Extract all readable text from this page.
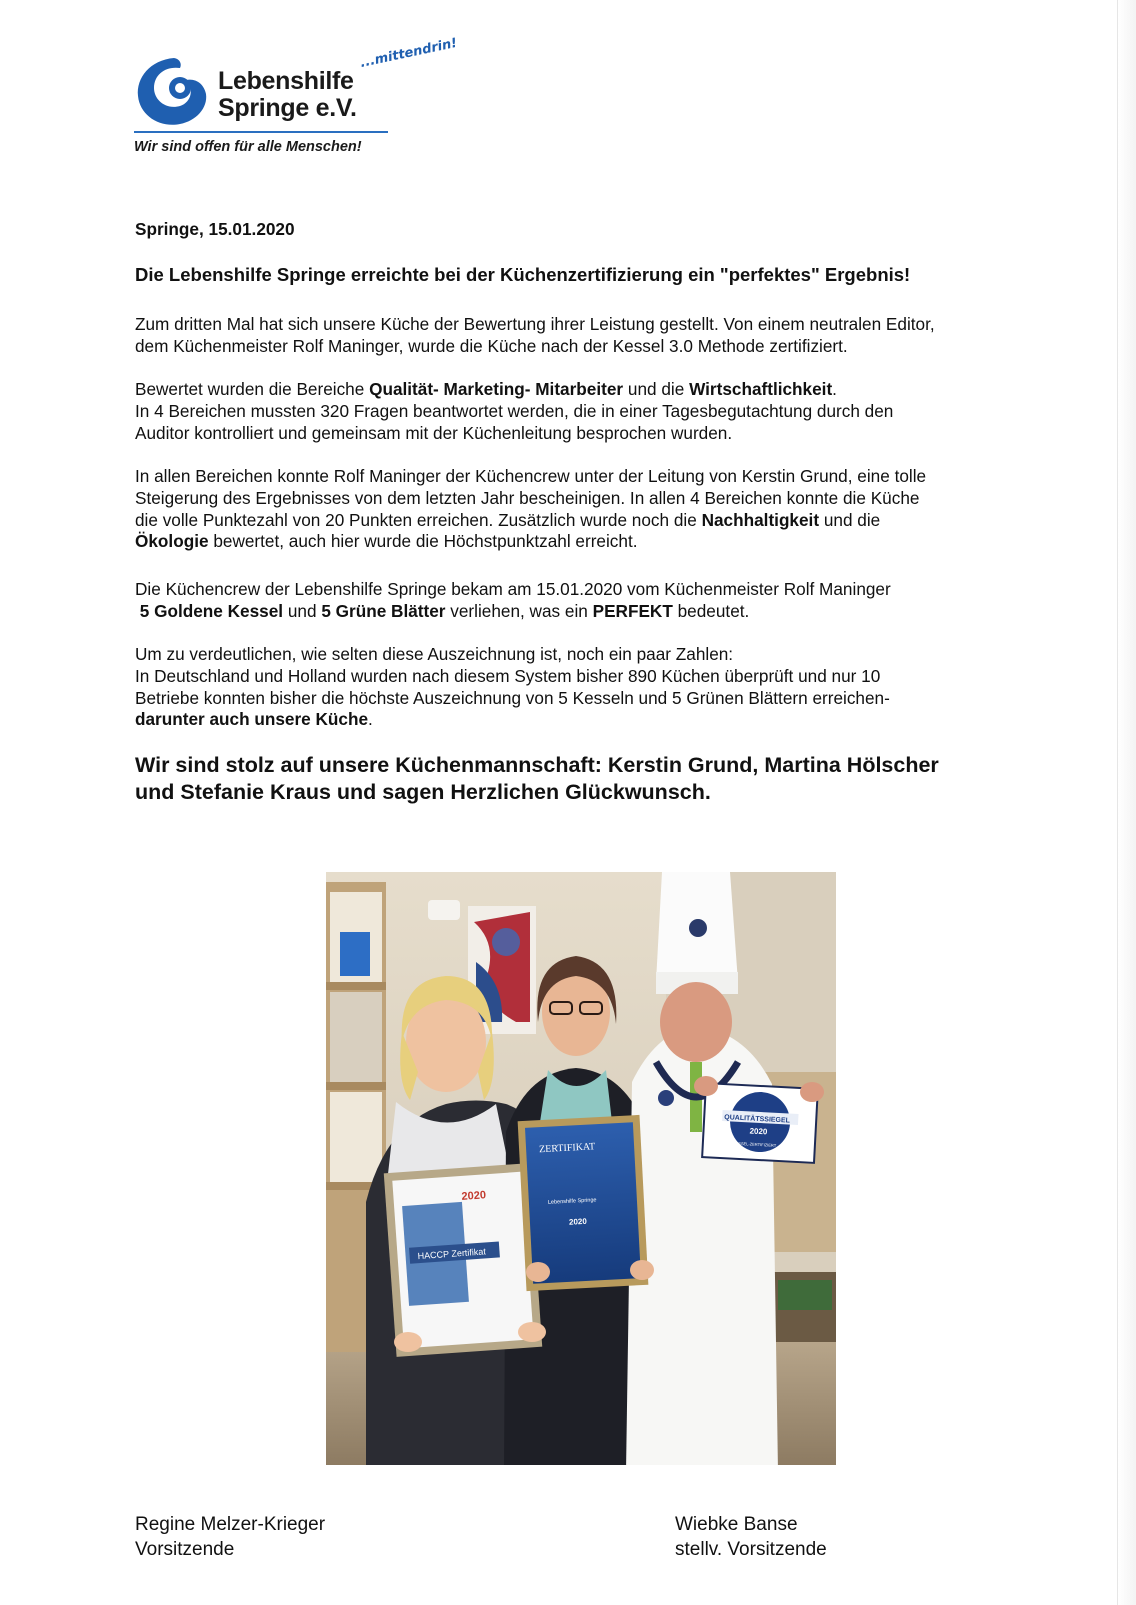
Lebenshilfe
Springe e.V.
...mittendrin!
Wir sind offen für alle Menschen!

Springe, 15.01.2020

Die Lebenshilfe Springe erreichte bei der Küchenzertifizierung ein "perfektes" Ergebnis!

Zum dritten Mal hat sich unsere Küche der Bewertung ihrer Leistung gestellt. Von einem neutralen Editor,
dem Küchenmeister Rolf Maninger, wurde die Küche nach der Kessel 3.0 Methode zertifiziert.
Bewertet wurden die Bereiche Qualität- Marketing- Mitarbeiter und die Wirtschaftlichkeit.
In 4 Bereichen mussten 320 Fragen beantwortet werden, die in einer Tagesbegutachtung durch den
Auditor kontrolliert und gemeinsam mit der Küchenleitung besprochen wurden.
In allen Bereichen konnte Rolf Maninger der Küchencrew unter der Leitung von Kerstin Grund, eine tolle
Steigerung des Ergebnisses von dem letzten Jahr bescheinigen. In allen 4 Bereichen konnte die Küche
die volle Punktezahl von 20 Punkten erreichen. Zusätzlich wurde noch die Nachhaltigkeit und die
Ökologie bewertet, auch hier wurde die Höchstpunktzahl erreicht.
Die Küchencrew der Lebenshilfe Springe bekam am 15.01.2020 vom Küchenmeister Rolf Maninger
5 Goldene Kessel und 5 Grüne Blätter verliehen, was ein PERFEKT bedeutet.
Um zu verdeutlichen, wie selten diese Auszeichnung ist, noch ein paar Zahlen:
In Deutschland und Holland wurden nach diesem System bisher 890 Küchen überprüft und nur 10
Betriebe konnten bisher die höchste Auszeichnung von 5 Kesseln und 5 Grünen Blättern erreichen-
darunter auch unsere Küche.
Wir sind stolz auf unsere Küchenmannschaft: Kerstin Grund, Martina Hölscher
und Stefanie Kraus und sagen Herzlichen Glückwunsch.
2020
HACCP Zertifikat
ZERTIFIKAT
Lebenshilfe Springe
2020
QUALITÄTSSIEGEL
2020
KESSEL-ZERTIFIZIERT
Regine Melzer-Krieger
Vorsitzende
Wiebke Banse
stellv. Vorsitzende
